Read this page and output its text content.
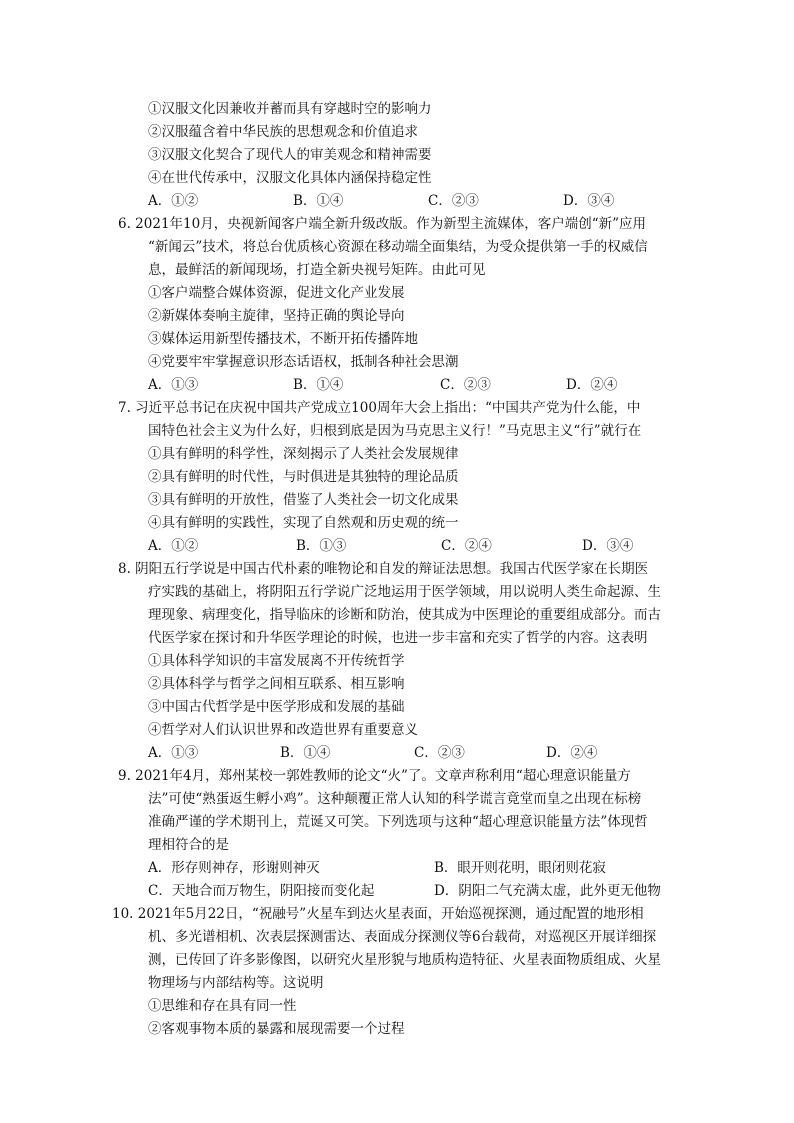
①汉服文化因兼收并蓄而具有穿越时空的影响力
②汉服蕴含着中华民族的思想观念和价值追求
③汉服文化契合了现代人的审美观念和精神需要
④在世代传承中，汉服文化具体内涵保持稳定性
A．①②	B．①④	C．②③	D．③④
6. 2021年10月，央视新闻客户端全新升级改版。作为新型主流媒体，客户端创“新”应用
“新闻云”技术，将总台优质核心资源在移动端全面集结，为受众提供第一手的权威信
息，最鲜活的新闻现场，打造全新央视号矩阵。由此可见
①客户端整合媒体资源，促进文化产业发展
②新媒体奏响主旋律，坚持正确的舆论导向
③媒体运用新型传播技术，不断开拓传播阵地
④党要牢牢掌握意识形态话语权，抵制各种社会思潮
A．①③	B．①④	C．②③	D．②④
7. 习近平总书记在庆祝中国共产党成立100周年大会上指出：“中国共产党为什么能，中
国特色社会主义为什么好，归根到底是因为马克思主义行！”马克思主义“行”就行在
①具有鲜明的科学性，深刻揭示了人类社会发展规律
②具有鲜明的时代性，与时俱进是其独特的理论品质
③具有鲜明的开放性，借鉴了人类社会一切文化成果
④具有鲜明的实践性，实现了自然观和历史观的统一
A．①②	B．①③	C．②④	D．③④
8. 阴阳五行学说是中国古代朴素的唯物论和自发的辩证法思想。我国古代医学家在长期医
疗实践的基础上，将阴阳五行学说广泛地运用于医学领域，用以说明人类生命起源、生
理现象、病理变化，指导临床的诊断和防治，使其成为中医理论的重要组成部分。而古
代医学家在探讨和升华医学理论的时候，也进一步丰富和充实了哲学的内容。这表明
①具体科学知识的丰富发展离不开传统哲学
②具体科学与哲学之间相互联系、相互影响
③中国古代哲学是中医学形成和发展的基础
④哲学对人们认识世界和改造世界有重要意义
A．①③	B．①④	C．②③	D．②④
9. 2021年4月，郑州某校一郭姓教师的论文“火”了。文章声称利用“超心理意识能量方
法”可使“熟蛋返生孵小鸡”。这种颠覆正常人认知的科学谎言竟堂而皇之出现在标榜
准确严谨的学术期刊上，荒诞又可笑。下列选项与这种“超心理意识能量方法”体现哲
理相符合的是
A．形存则神存，形谢则神灭	B．眼开则花明，眼闭则花寂
C．天地合而万物生，阴阳接而变化起	D．阴阳二气充满太虚，此外更无他物
10. 2021年5月22日，“祝融号”火星车到达火星表面，开始巡视探测，通过配置的地形相
机、多光谱相机、次表层探测雷达、表面成分探测仪等6台载荷，对巡视区开展详细探
测，已传回了许多影像图，以研究火星形貌与地质构造特征、火星表面物质组成、火星
物理场与内部结构等。这说明
①思维和存在具有同一性
②客观事物本质的暴露和展现需要一个过程
